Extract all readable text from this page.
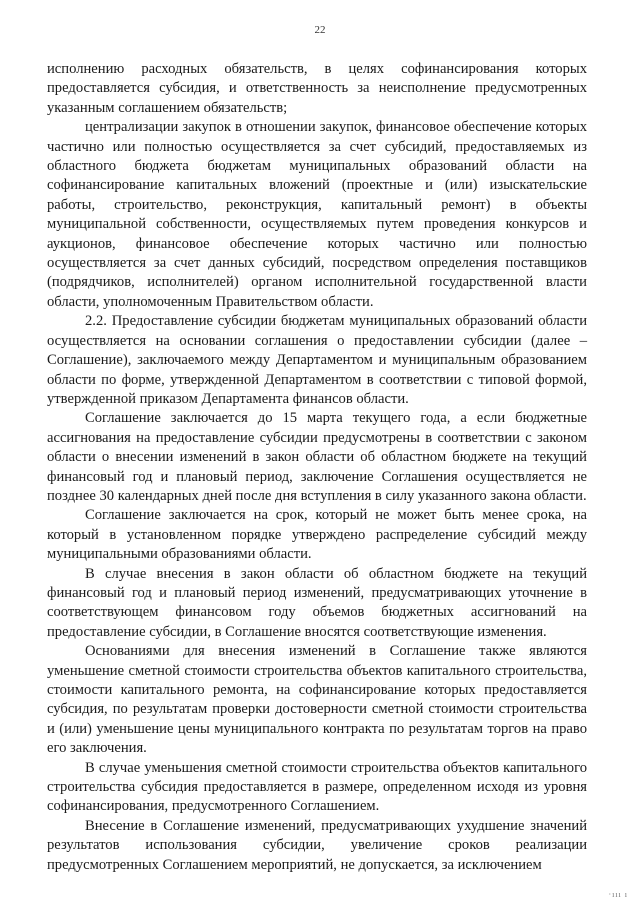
22

исполнению расходных обязательств, в целях софинансирования которых предоставляется субсидия, и ответственность за неисполнение предусмотренных указанным соглашением обязательств;

централизации закупок в отношении закупок, финансовое обеспечение которых частично или полностью осуществляется за счет субсидий, предоставляемых из областного бюджета бюджетам муниципальных образований области на софинансирование капитальных вложений (проектные и (или) изыскательские работы, строительство, реконструкция, капитальный ремонт) в объекты муниципальной собственности, осуществляемых путем проведения конкурсов и аукционов, финансовое обеспечение которых частично или полностью осуществляется за счет данных субсидий, посредством определения поставщиков (подрядчиков, исполнителей) органом исполнительной государственной власти области, уполномоченным Правительством области.

2.2. Предоставление субсидии бюджетам муниципальных образований области осуществляется на основании соглашения о предоставлении субсидии (далее – Соглашение), заключаемого между Департаментом и муниципальным образованием области по форме, утвержденной Департаментом в соответствии с типовой формой, утвержденной приказом Департамента финансов области.

Соглашение заключается до 15 марта текущего года, а если бюджетные ассигнования на предоставление субсидии предусмотрены в соответствии с законом области о внесении изменений в закон области об областном бюджете на текущий финансовый год и плановый период, заключение Соглашения осуществляется не позднее 30 календарных дней после дня вступления в силу указанного закона области.

Соглашение заключается на срок, который не может быть менее срока, на который в установленном порядке утверждено распределение субсидий между муниципальными образованиями области.

В случае внесения в закон области об областном бюджете на текущий финансовый год и плановый период изменений, предусматривающих уточнение в соответствующем финансовом году объемов бюджетных ассигнований на предоставление субсидии, в Соглашение вносятся соответствующие изменения.

Основаниями для внесения изменений в Соглашение также являются уменьшение сметной стоимости строительства объектов капитального строительства, стоимости капитального ремонта, на софинансирование которых предоставляется субсидия, по результатам проверки достоверности сметной стоимости строительства и (или) уменьшение цены муниципального контракта по результатам торгов на право его заключения.

В случае уменьшения сметной стоимости строительства объектов капитального строительства субсидия предоставляется в размере, определенном исходя из уровня софинансирования, предусмотренного Соглашением.

Внесение в Соглашение изменений, предусматривающих ухудшение значений результатов использования субсидии, увеличение сроков реализации предусмотренных Соглашением мероприятий, не допускается, за исключением

·ııı ı
